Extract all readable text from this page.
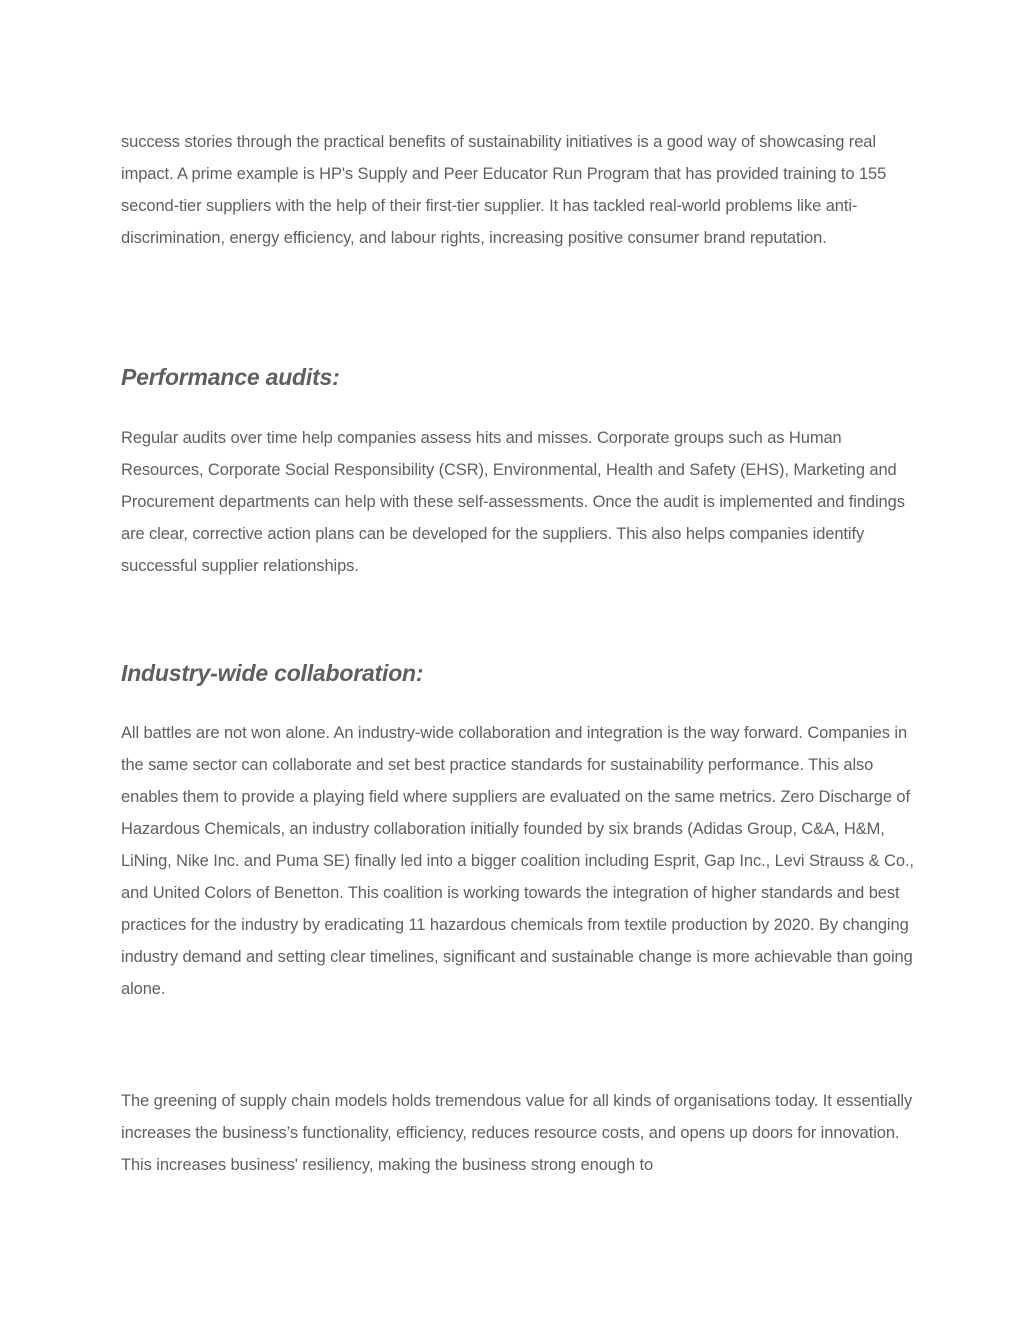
success stories through the practical benefits of sustainability initiatives is a good way of showcasing real impact. A prime example is HP's Supply and Peer Educator Run Program that has provided training to 155 second-tier suppliers with the help of their first-tier supplier. It has tackled real-world problems like anti-discrimination, energy efficiency, and labour rights, increasing positive consumer brand reputation.

Performance audits:

Regular audits over time help companies assess hits and misses. Corporate groups such as Human Resources, Corporate Social Responsibility (CSR), Environmental, Health and Safety (EHS), Marketing and Procurement departments can help with these self-assessments. Once the audit is implemented and findings are clear, corrective action plans can be developed for the suppliers. This also helps companies identify successful supplier relationships.

Industry-wide collaboration:

All battles are not won alone. An industry-wide collaboration and integration is the way forward. Companies in the same sector can collaborate and set best practice standards for sustainability performance. This also enables them to provide a playing field where suppliers are evaluated on the same metrics. Zero Discharge of Hazardous Chemicals, an industry collaboration initially founded by six brands (Adidas Group, C&A, H&M, LiNing, Nike Inc. and Puma SE) finally led into a bigger coalition including Esprit, Gap Inc., Levi Strauss & Co., and United Colors of Benetton. This coalition is working towards the integration of higher standards and best practices for the industry by eradicating 11 hazardous chemicals from textile production by 2020. By changing industry demand and setting clear timelines, significant and sustainable change is more achievable than going alone.

The greening of supply chain models holds tremendous value for all kinds of organisations today. It essentially increases the business’s functionality, efficiency, reduces resource costs, and opens up doors for innovation. This increases business' resiliency, making the business strong enough to
